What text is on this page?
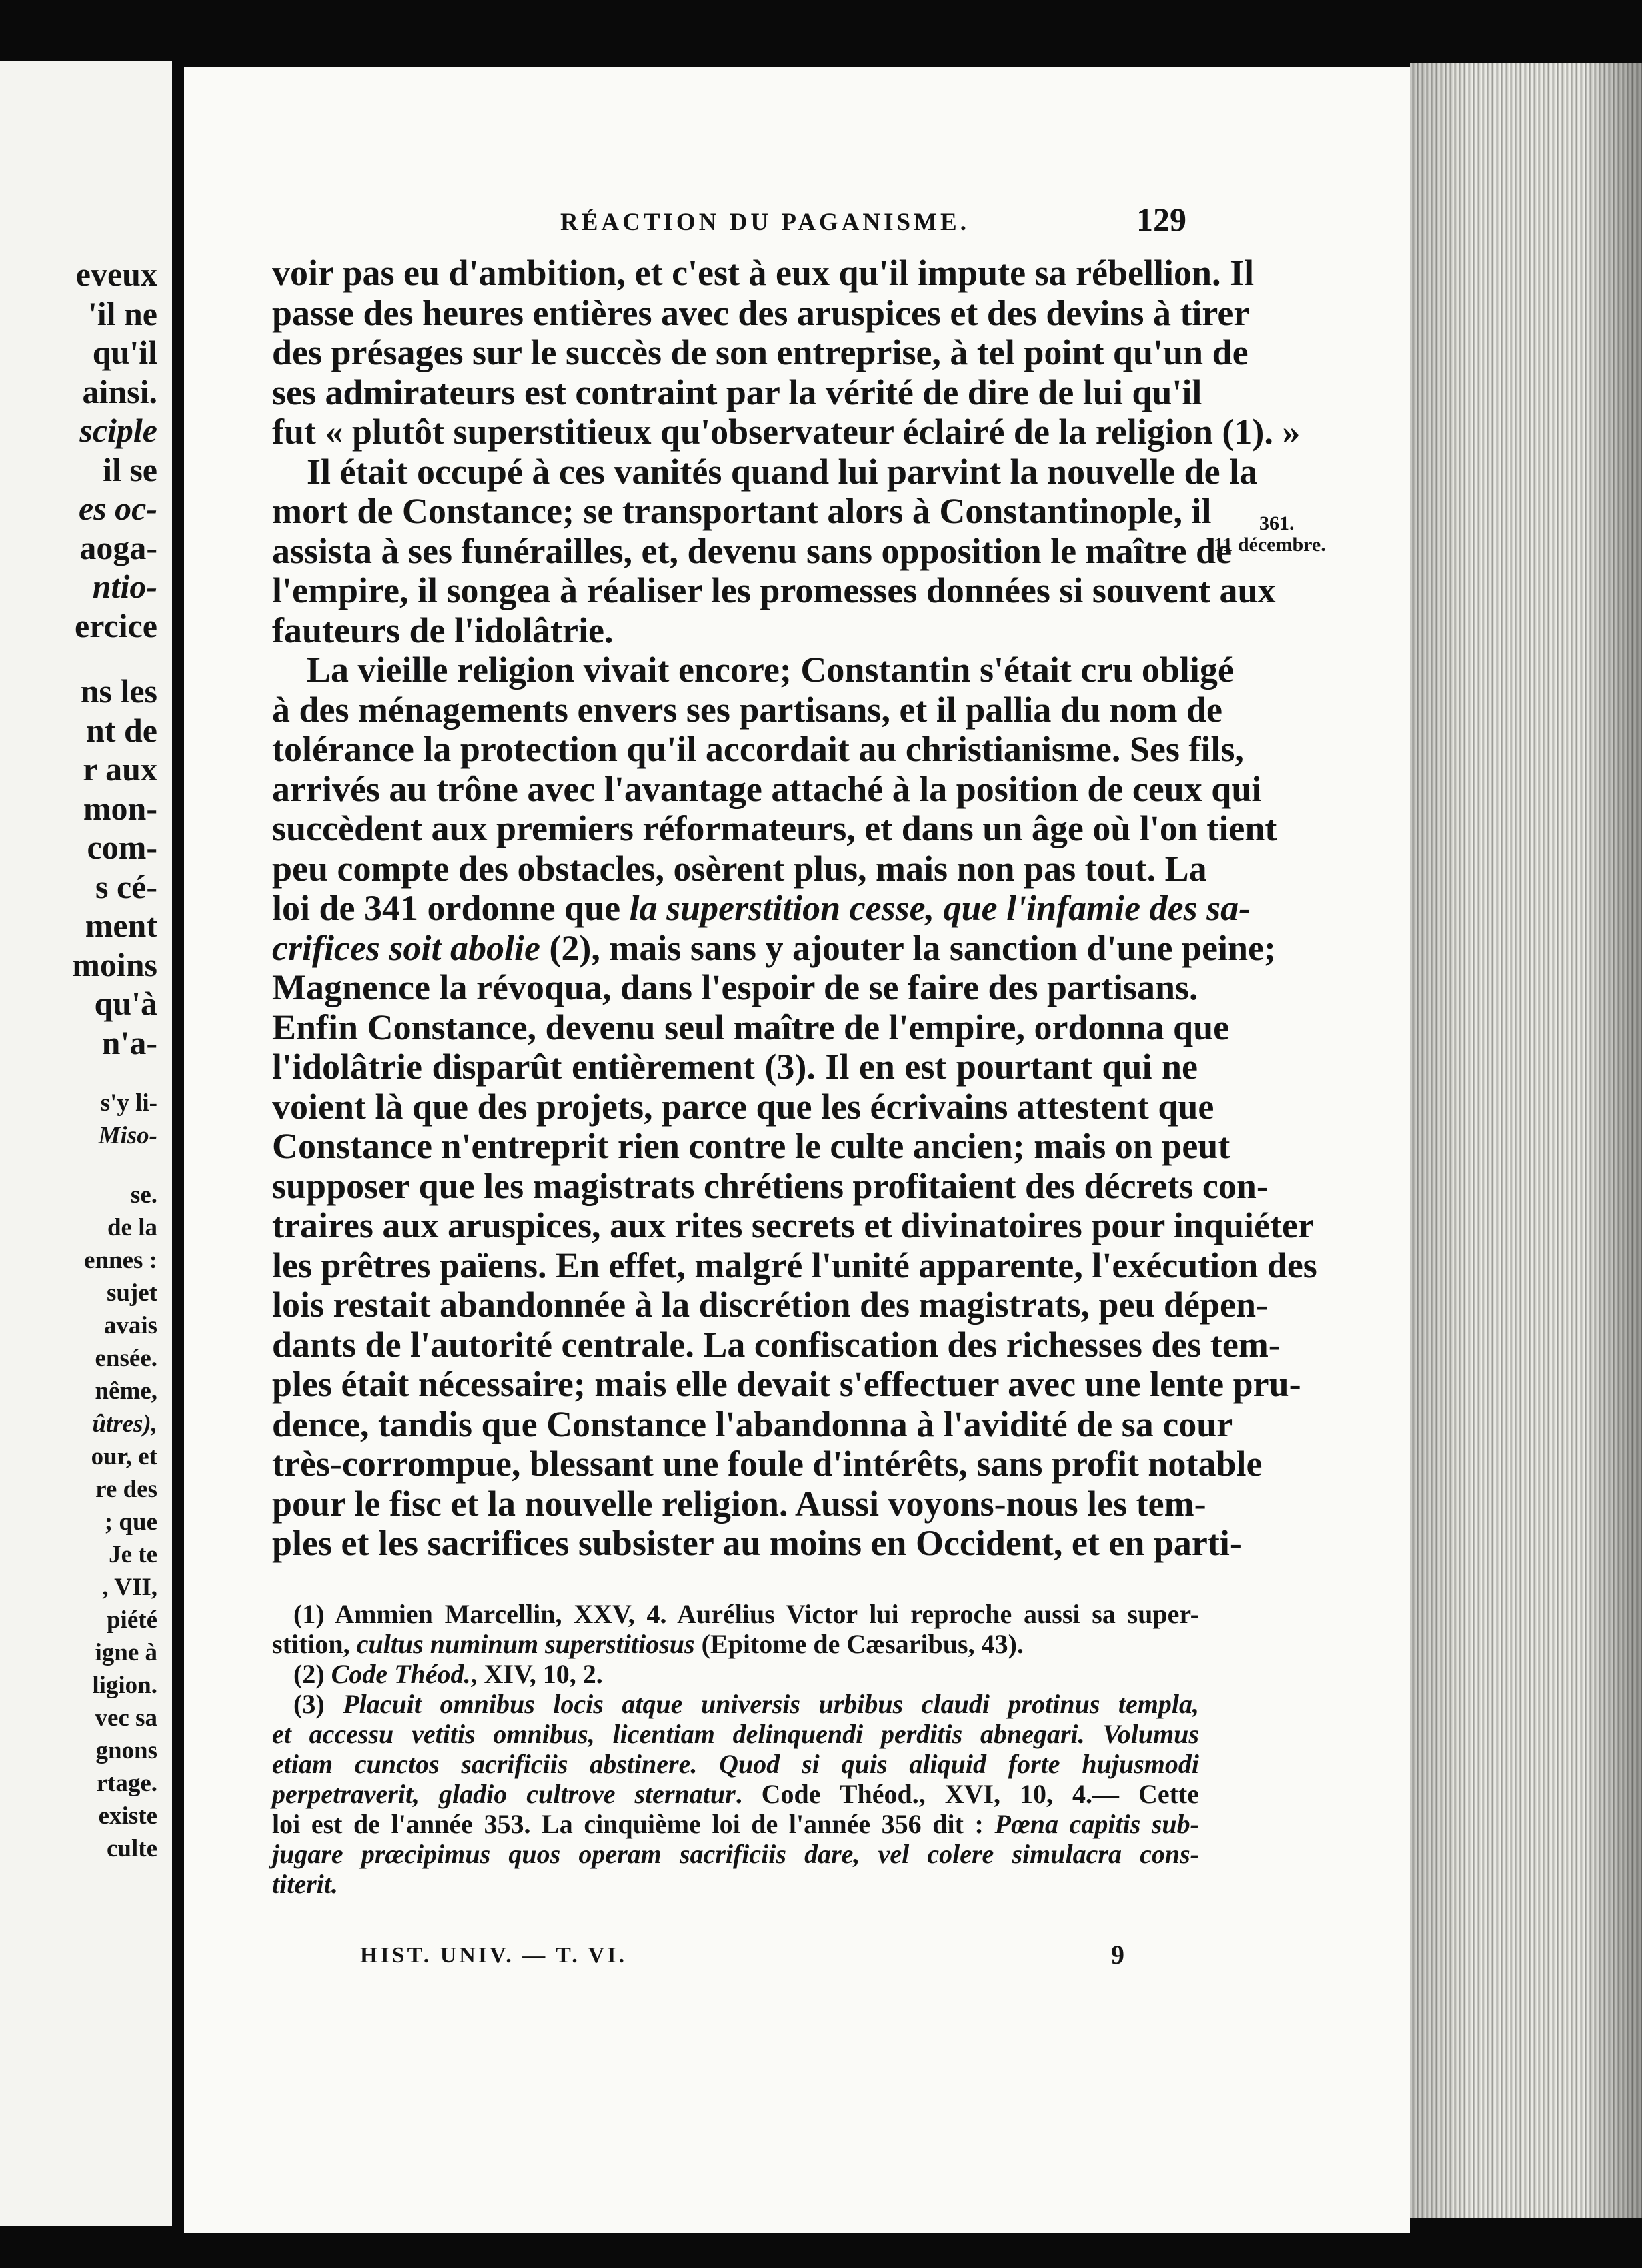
eveux
'il ne
qu'il
ainsi.
sciple
il se
es oc-
aoga-
ntio-
ercice
ns les
nt de
r aux
mon-
com-
s cé-
ment
moins
qu'à
n'a-
s'y li-
Miso-
se.
de la
ennes :
sujet
avais
ensée.
nême,
ûtres),
our, et
re des
; que
Je te
, VII,
piété
igne à
ligion.
vec sa
gnons
rtage.
existe
culte
RÉACTION DU PAGANISME.	129
361.
11 décembre.
voir pas eu d'ambition, et c'est à eux qu'il impute sa rébellion. Il
passe des heures entières avec des aruspices et des devins à tirer
des présages sur le succès de son entreprise, à tel point qu'un de
ses admirateurs est contraint par la vérité de dire de lui qu'il
fut « plutôt superstitieux qu'observateur éclairé de la religion (1). »
Il était occupé à ces vanités quand lui parvint la nouvelle de la
mort de Constance; se transportant alors à Constantinople, il
assista à ses funérailles, et, devenu sans opposition le maître de
l'empire, il songea à réaliser les promesses données si souvent aux
fauteurs de l'idolâtrie.
La vieille religion vivait encore; Constantin s'était cru obligé
à des ménagements envers ses partisans, et il pallia du nom de
tolérance la protection qu'il accordait au christianisme. Ses fils,
arrivés au trône avec l'avantage attaché à la position de ceux qui
succèdent aux premiers réformateurs, et dans un âge où l'on tient
peu compte des obstacles, osèrent plus, mais non pas tout. La
loi de 341 ordonne que la superstition cesse, que l'infamie des sa-
crifices soit abolie (2), mais sans y ajouter la sanction d'une peine;
Magnence la révoqua, dans l'espoir de se faire des partisans.
Enfin Constance, devenu seul maître de l'empire, ordonna que
l'idolâtrie disparût entièrement (3). Il en est pourtant qui ne
voient là que des projets, parce que les écrivains attestent que
Constance n'entreprit rien contre le culte ancien; mais on peut
supposer que les magistrats chrétiens profitaient des décrets con-
traires aux aruspices, aux rites secrets et divinatoires pour inquiéter
les prêtres païens. En effet, malgré l'unité apparente, l'exécution des
lois restait abandonnée à la discrétion des magistrats, peu dépen-
dants de l'autorité centrale. La confiscation des richesses des tem-
ples était nécessaire; mais elle devait s'effectuer avec une lente pru-
dence, tandis que Constance l'abandonna à l'avidité de sa cour
très-corrompue, blessant une foule d'intérêts, sans profit notable
pour le fisc et la nouvelle religion. Aussi voyons-nous les tem-
ples et les sacrifices subsister au moins en Occident, et en parti-
(1) Ammien Marcellin, XXV, 4. Aurélius Victor lui reproche aussi sa super-
stition, cultus numinum superstitiosus (Epitome de Cæsaribus, 43).
(2) Code Théod., XIV, 10, 2.
(3) Placuit omnibus locis atque universis urbibus claudi protinus templa,
et accessu vetitis omnibus, licentiam delinquendi perditis abnegari. Volumus
etiam cunctos sacrificiis abstinere. Quod si quis aliquid forte hujusmodi
perpetraverit, gladio cultrove sternatur. Code Théod., XVI, 10, 4.— Cette
loi est de l'année 353. La cinquième loi de l'année 356 dit : Pœna capitis sub-
jugare præcipimus quos operam sacrificiis dare, vel colere simulacra cons-
titerit.
HIST. UNIV. — T. VI.	9
